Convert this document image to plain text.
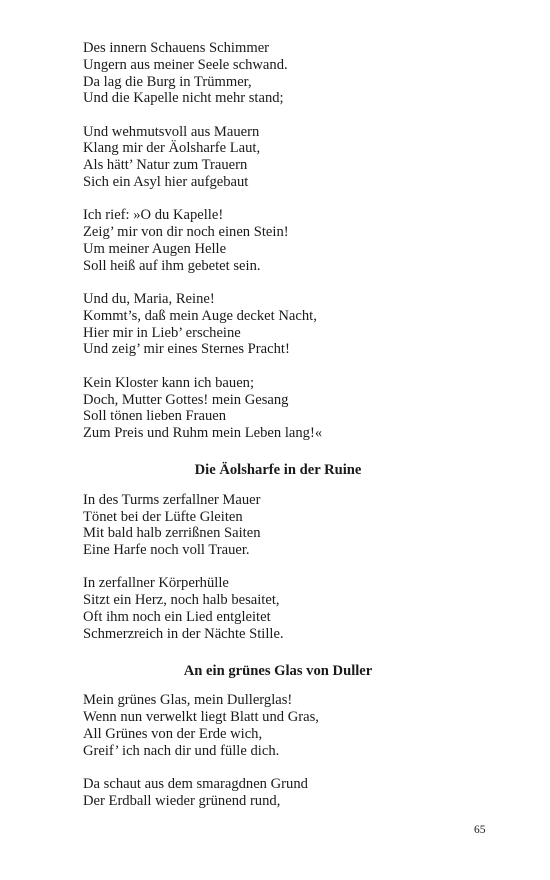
Des innern Schauens Schimmer
Ungern aus meiner Seele schwand.
Da lag die Burg in Trümmer,
Und die Kapelle nicht mehr stand;
Und wehmutsvoll aus Mauern
Klang mir der Äolsharfe Laut,
Als hätt’ Natur zum Trauern
Sich ein Asyl hier aufgebaut
Ich rief: »O du Kapelle!
Zeig’ mir von dir noch einen Stein!
Um meiner Augen Helle
Soll heiß auf ihm gebetet sein.
Und du, Maria, Reine!
Kommt’s, daß mein Auge decket Nacht,
Hier mir in Lieb’ erscheine
Und zeig’ mir eines Sternes Pracht!
Kein Kloster kann ich bauen;
Doch, Mutter Gottes! mein Gesang
Soll tönen lieben Frauen
Zum Preis und Ruhm mein Leben lang!«
Die Äolsharfe in der Ruine
In des Turms zerfallner Mauer
Tönet bei der Lüfte Gleiten
Mit bald halb zerrißnen Saiten
Eine Harfe noch voll Trauer.
In zerfallner Körperhülle
Sitzt ein Herz, noch halb besaitet,
Oft ihm noch ein Lied entgleitet
Schmerzreich in der Nächte Stille.
An ein grünes Glas von Duller
Mein grünes Glas, mein Dullerglas!
Wenn nun verwelkt liegt Blatt und Gras,
All Grünes von der Erde wich,
Greif’ ich nach dir und fülle dich.
Da schaut aus dem smaragdnen Grund
Der Erdball wieder grünend rund,
65
